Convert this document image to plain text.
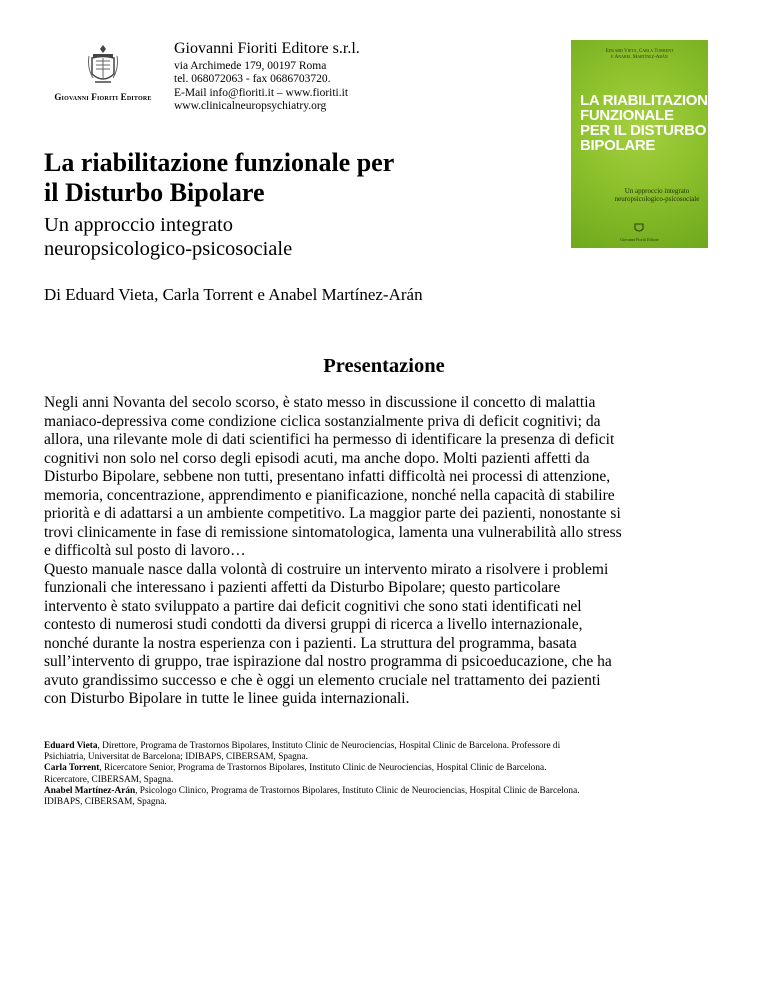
Giovanni Fioriti Editore
Giovanni Fioriti Editore s.r.l.
via Archimede 179, 00197 Roma
tel. 068072063 - fax 0686703720.
E-Mail info@fioriti.it – www.fioriti.it
www.clinicalneuropsychiatry.org
Eduard Vieta, Carla Torrent
e Anabel Martínez-Arán
LA RIABILITAZIONE
FUNZIONALE
PER IL DISTURBO
BIPOLARE
Un approccio integrato
neuropsicologico-psicosociale
Giovanni Fioriti Editore
La riabilitazione funzionale per
il Disturbo Bipolare
Un approccio integrato
neuropsicologico-psicosociale
Di Eduard Vieta, Carla Torrent e Anabel Martínez-Arán
Presentazione
Negli anni Novanta del secolo scorso, è stato messo in discussione il concetto di malattia
maniaco-depressiva come condizione ciclica sostanzialmente priva di deficit cognitivi; da
allora, una rilevante mole di dati scientifici ha permesso di identificare la presenza di deficit
cognitivi non solo nel corso degli episodi acuti, ma anche dopo. Molti pazienti affetti da
Disturbo Bipolare, sebbene non tutti, presentano infatti difficoltà nei processi di attenzione,
memoria, concentrazione, apprendimento e pianificazione, nonché nella capacità di stabilire
priorità e di adattarsi a un ambiente competitivo. La maggior parte dei pazienti, nonostante si
trovi clinicamente in fase di remissione sintomatologica, lamenta una vulnerabilità allo stress
e difficoltà sul posto di lavoro…
Questo manuale nasce dalla volontà di costruire un intervento mirato a risolvere i problemi
funzionali che interessano i pazienti affetti da Disturbo Bipolare; questo particolare
intervento è stato sviluppato a partire dai deficit cognitivi che sono stati identificati nel
contesto di numerosi studi condotti da diversi gruppi di ricerca a livello internazionale,
nonché durante la nostra esperienza con i pazienti. La struttura del programma, basata
sull’intervento di gruppo, trae ispirazione dal nostro programma di psicoeducazione, che ha
avuto grandissimo successo e che è oggi un elemento cruciale nel trattamento dei pazienti
con Disturbo Bipolare in tutte le linee guida internazionali.
Eduard Vieta, Direttore, Programa de Trastornos Bipolares, Instituto Clinic de Neurociencias, Hospital Clinic de Barcelona. Professore di
Psichiatria, Universitat de Barcelona; IDIBAPS, CIBERSAM, Spagna.
Carla Torrent, Ricercatore Senior, Programa de Trastornos Bipolares, Instituto Clinic de Neurociencias, Hospital Clinic de Barcelona.
Ricercatore, CIBERSAM, Spagna.
Anabel Martínez-Arán, Psicologo Clinico, Programa de Trastornos Bipolares, Instituto Clinic de Neurociencias, Hospital Clinic de Barcelona.
IDIBAPS, CIBERSAM, Spagna.
